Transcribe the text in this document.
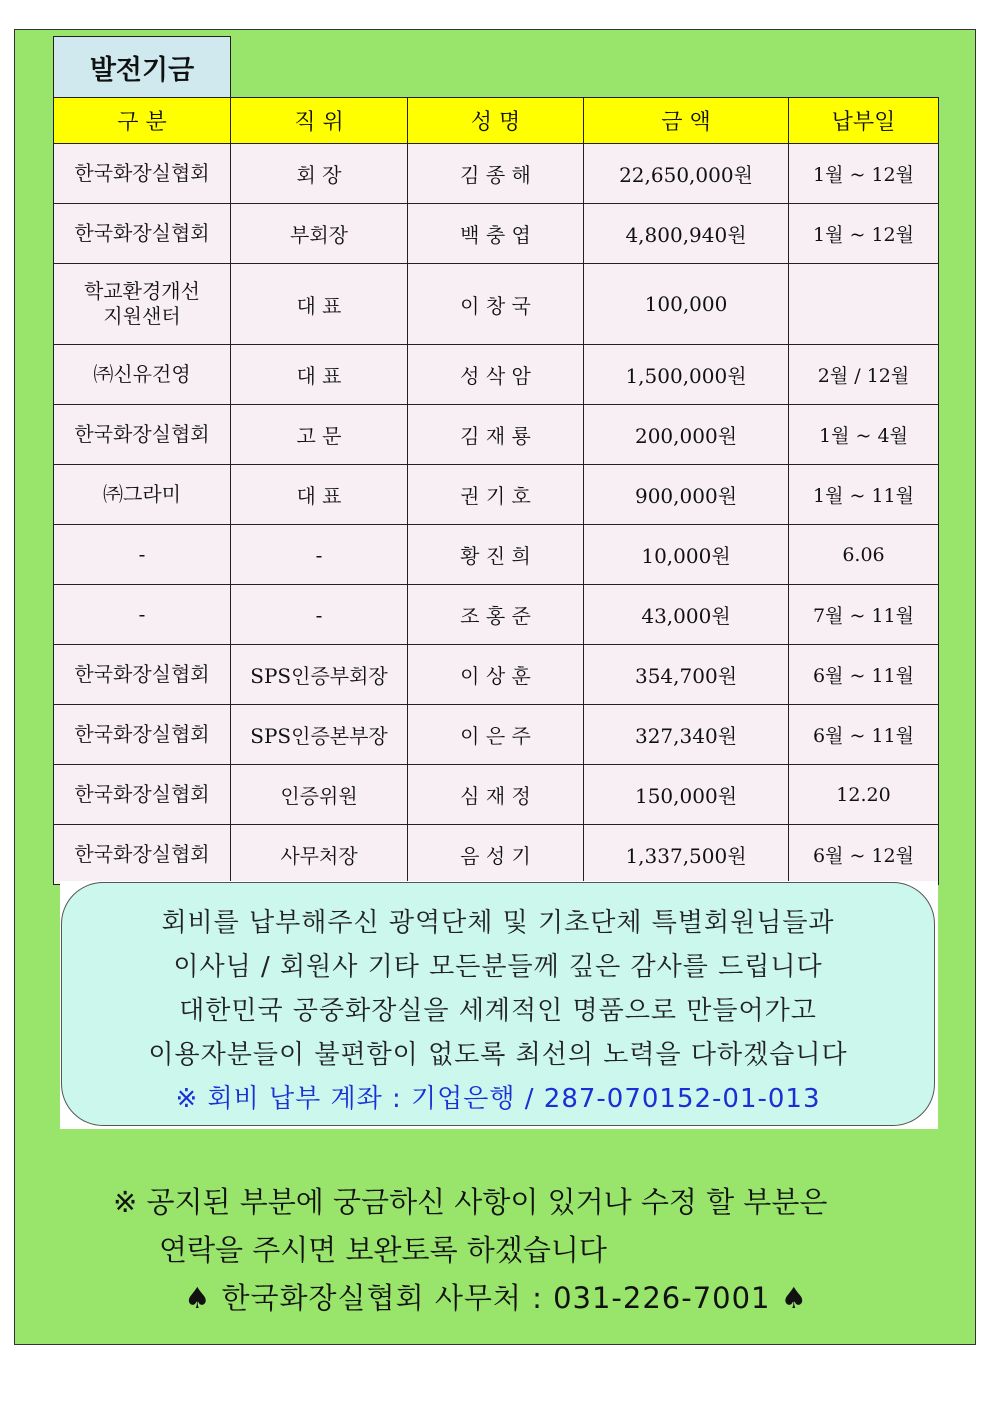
발전기금
구 분	직 위	성 명	금 액	납부일
한국화장실협회	회 장	김 종 해	22,650,000원	1월 ~ 12월
한국화장실협회	부회장	백 충 엽	4,800,940원	1월 ~ 12월
학교환경개선
지원샌터	대 표	이 창 국	100,000	
㈜신유건영	대 표	성 삭 암	1,500,000원	2월 / 12월
한국화장실협회	고 문	김 재 룡	200,000원	1월 ~ 4월
㈜그라미	대 표	권 기 호	900,000원	1월 ~ 11월
-	-	황 진 희	10,000원	6.06
-	-	조 홍 준	43,000원	7월 ~ 11월
한국화장실협회	SPS인증부회장	이 상 훈	354,700원	6월 ~ 11월
한국화장실협회	SPS인증본부장	이 은 주	327,340원	6월 ~ 11월
한국화장실협회	인증위원	심 재 정	150,000원	12.20
한국화장실협회	사무처장	음 성 기	1,337,500원	6월 ~ 12월
회비를 납부해주신 광역단체 및 기초단체 특별회원님들과
이사님 / 회원사 기타 모든분들께 깊은 감사를 드립니다
대한민국 공중화장실을 세계적인 명품으로 만들어가고
이용자분들이 불편함이 없도록 최선의 노력을 다하겠습니다
※ 회비 납부 계좌 : 기업은행 / 287-070152-01-013
※ 공지된 부분에 궁금하신 사항이 있거나 수정 할 부분은
연락을 주시면 보완토록 하겠습니다
♠ 한국화장실협회 사무처 : 031-226-7001 ♠
